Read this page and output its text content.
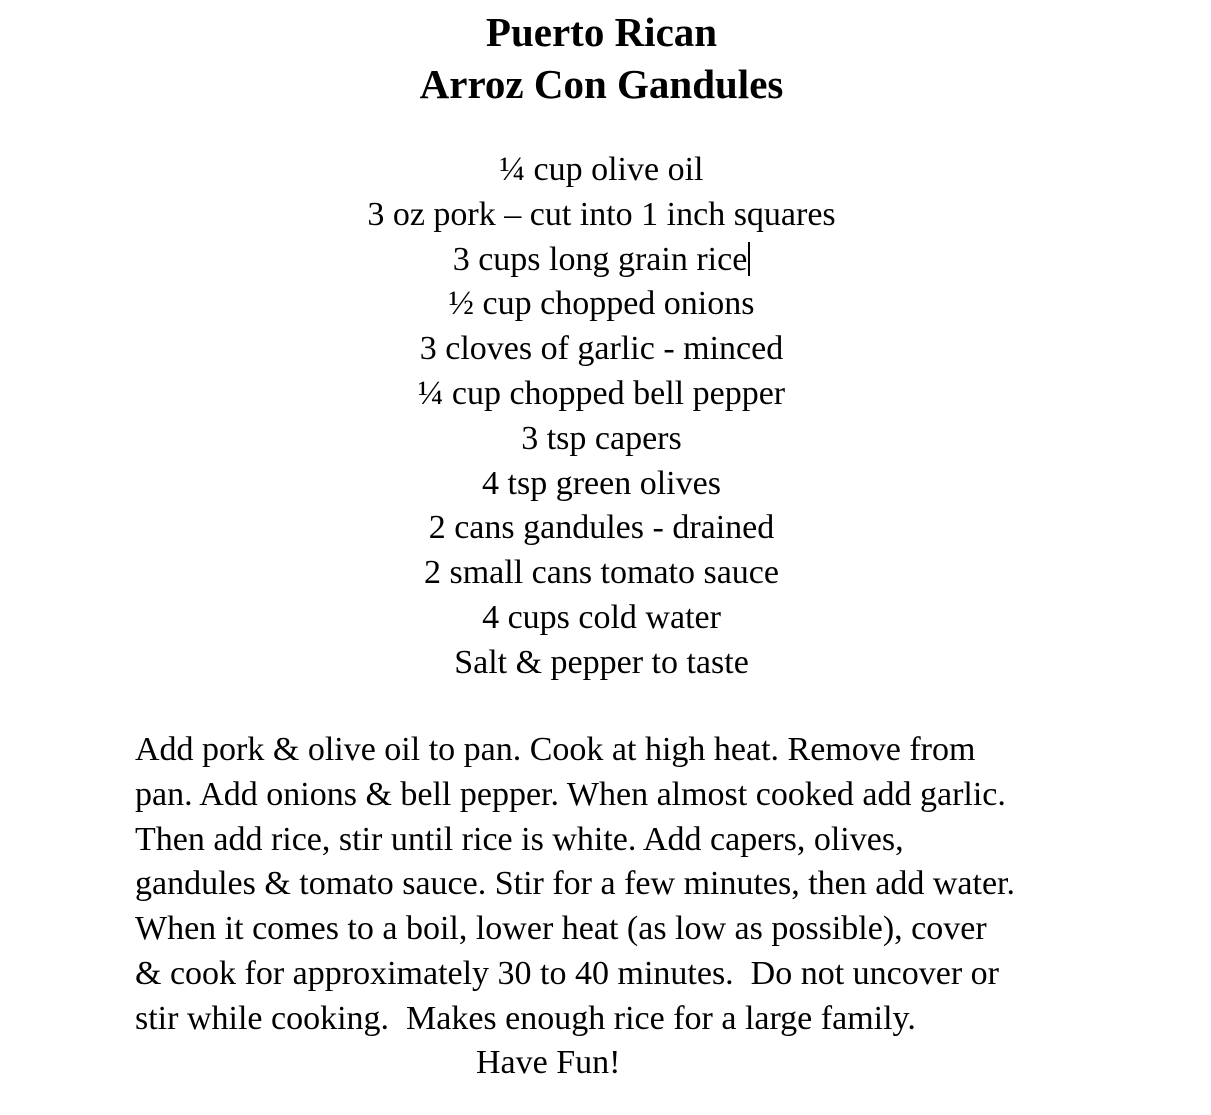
Puerto Rican
Arroz Con Gandules
¼ cup olive oil
3 oz pork – cut into 1 inch squares
3 cups long grain rice
½ cup chopped onions
3 cloves of garlic - minced
¼ cup chopped bell pepper
3 tsp capers
4 tsp green olives
2 cans gandules - drained
2 small cans tomato sauce
4 cups cold water
Salt & pepper to taste

Add pork & olive oil to pan. Cook at high heat. Remove from
pan. Add onions & bell pepper. When almost cooked add garlic.
Then add rice, stir until rice is white. Add capers, olives,
gandules & tomato sauce. Stir for a few minutes, then add water.
When it comes to a boil, lower heat (as low as possible), cover
& cook for approximately 30 to 40 minutes.  Do not uncover or
stir while cooking.  Makes enough rice for a large family.

Have Fun!
